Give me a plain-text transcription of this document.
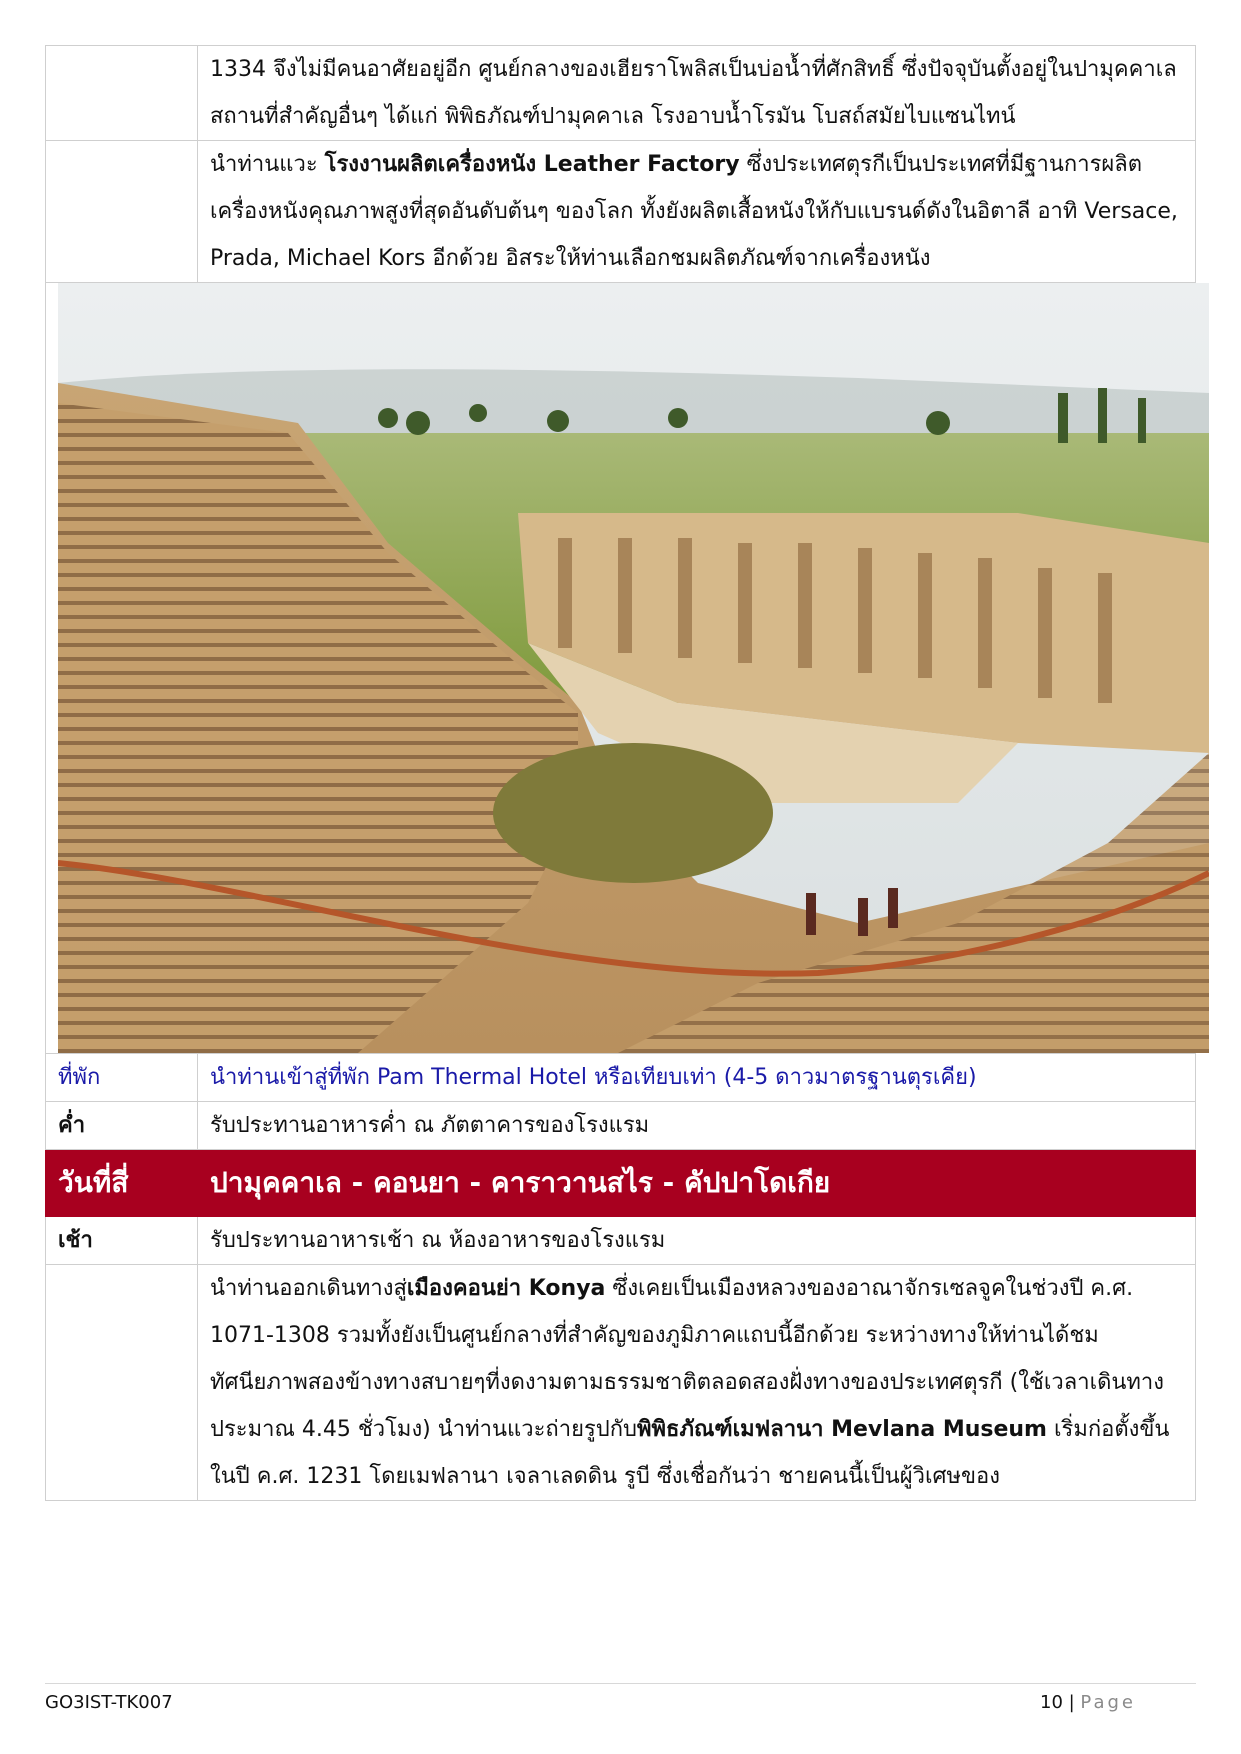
	1334 จึงไม่มีคนอาศัยอยู่อีก ศูนย์กลางของเฮียราโพลิสเป็นบ่อน้ำที่ศักสิทธิ์ ซึ่งปัจจุบันตั้งอยู่ในปามุคคาเล สถานที่สำคัญอื่นๆ ได้แก่ พิพิธภัณฑ์ปามุคคาเล โรงอาบน้ำโรมัน โบสถ์สมัยไบแซนไทน์
	นำท่านแวะ โรงงานผลิตเครื่องหนัง Leather Factory ซึ่งประเทศตุรกีเป็นประเทศที่มีฐานการผลิตเครื่องหนังคุณภาพสูงที่สุดอันดับต้นๆ ของโลก ทั้งยังผลิตเสื้อหนังให้กับแบรนด์ดังในอิตาลี อาทิ Versace, Prada, Michael Kors อีกด้วย อิสระให้ท่านเลือกชมผลิตภัณฑ์จากเครื่องหนัง

ที่พัก	นำท่านเข้าสู่ที่พัก Pam Thermal Hotel หรือเทียบเท่า (4-5 ดาวมาตรฐานตุรเคีย)
ค่ำ	รับประทานอาหารค่ำ ณ ภัตตาคารของโรงแรม
วันที่สี่	ปามุคคาเล - คอนยา - คาราวานสไร - คัปปาโดเกีย
เช้า	รับประทานอาหารเช้า ณ ห้องอาหารของโรงแรม
	นำท่านออกเดินทางสู่เมืองคอนย่า Konya ซึ่งเคยเป็นเมืองหลวงของอาณาจักรเซลจูคในช่วงปี ค.ศ. 1071-1308 รวมทั้งยังเป็นศูนย์กลางที่สำคัญของภูมิภาคแถบนี้อีกด้วย ระหว่างทางให้ท่านได้ชมทัศนียภาพสองข้างทางสบายๆที่งดงามตามธรรมชาติตลอดสองฝั่งทางของประเทศตุรกี (ใช้เวลาเดินทางประมาณ 4.45 ชั่วโมง) นำท่านแวะถ่ายรูปกับพิพิธภัณฑ์เมฟลานา Mevlana Museum เริ่มก่อตั้งขึ้นในปี ค.ศ. 1231 โดยเมฟลานา เจลาเลดดิน รูบี ซึ่งเชื่อกันว่า ชายคนนี้เป็นผู้วิเศษของ
GO3IST-TK007	10 | Page
